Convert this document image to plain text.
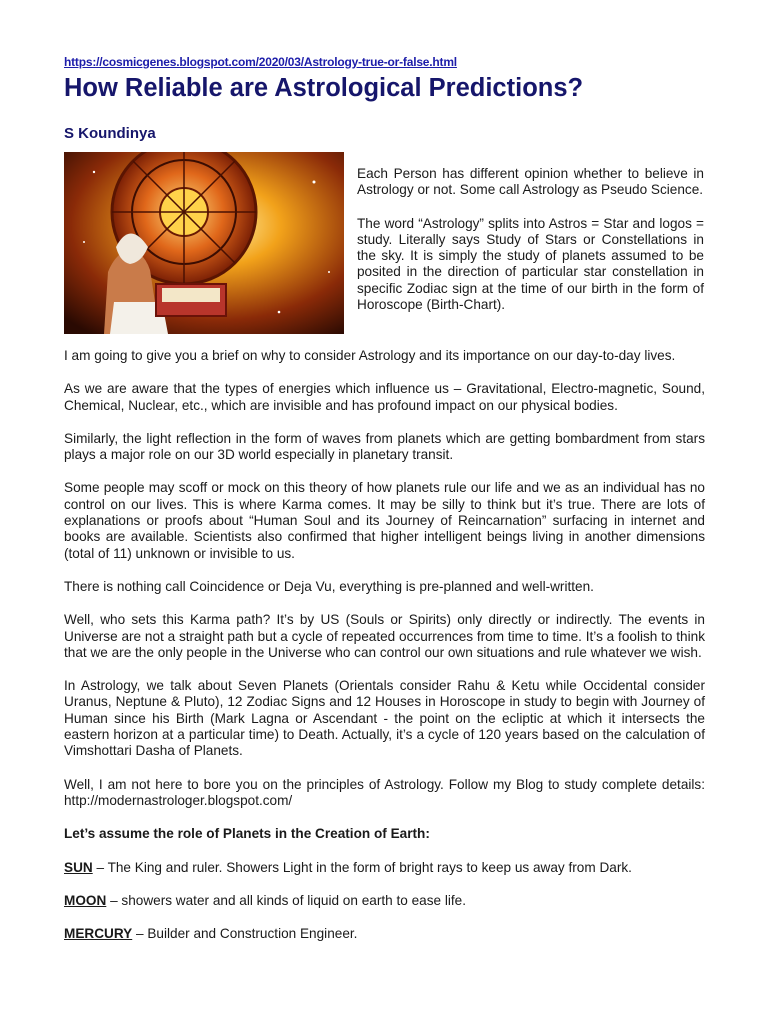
https://cosmicgenes.blogspot.com/2020/03/Astrology-true-or-false.html
How Reliable are Astrological Predictions?
S Koundinya

Each Person has different opinion whether to believe in Astrology or not. Some call Astrology as Pseudo Science.

The word “Astrology” splits into Astros = Star and logos = study. Literally says Study of Stars or Constellations in the sky. It is simply the study of planets assumed to be posited in the direction of particular star constellation in specific Zodiac sign at the time of our birth in the form of Horoscope (Birth-Chart).

I am going to give you a brief on why to consider Astrology and its importance on our day-to-day lives.

As we are aware that the types of energies which influence us – Gravitational, Electro-magnetic, Sound, Chemical, Nuclear, etc., which are invisible and has profound impact on our physical bodies.

Similarly, the light reflection in the form of waves from planets which are getting bombardment from stars plays a major role on our 3D world especially in planetary transit.

Some people may scoff or mock on this theory of how planets rule our life and we as an individual has no control on our lives. This is where Karma comes. It may be silly to think but it’s true. There are lots of explanations or proofs about “Human Soul and its Journey of Reincarnation” surfacing in internet and books are available. Scientists also confirmed that higher intelligent beings living in another dimensions (total of 11) unknown or invisible to us.

There is nothing call Coincidence or Deja Vu, everything is pre-planned and well-written.

Well, who sets this Karma path? It’s by US (Souls or Spirits) only directly or indirectly. The events in Universe are not a straight path but a cycle of repeated occurrences from time to time. It’s a foolish to think that we are the only people in the Universe who can control our own situations and rule whatever we wish.

In Astrology, we talk about Seven Planets (Orientals consider Rahu & Ketu while Occidental consider Uranus, Neptune & Pluto), 12 Zodiac Signs and 12 Houses in Horoscope in study to begin with Journey of Human since his Birth (Mark Lagna or Ascendant - the point on the ecliptic at which it intersects the eastern horizon at a particular time) to Death. Actually, it’s a cycle of 120 years based on the calculation of Vimshottari Dasha of Planets.

Well, I am not here to bore you on the principles of Astrology. Follow my Blog to study complete details: http://modernastrologer.blogspot.com/

Let’s assume the role of Planets in the Creation of Earth:

SUN – The King and ruler. Showers Light in the form of bright rays to keep us away from Dark.

MOON – showers water and all kinds of liquid on earth to ease life.

MERCURY – Builder and Construction Engineer.
